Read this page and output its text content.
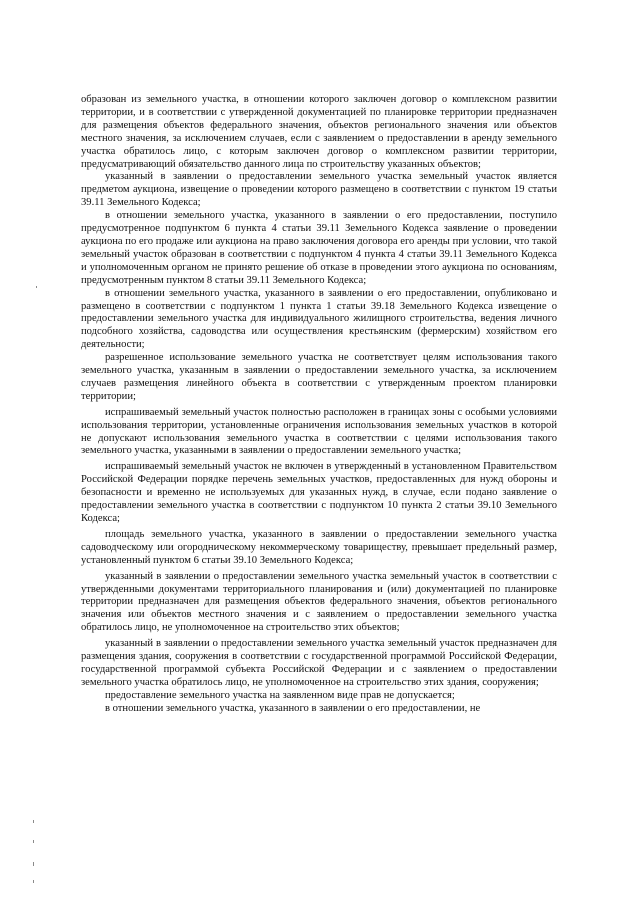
образован из земельного участка, в отношении которого заключен договор о комплексном развитии территории, и в соответствии с утвержденной документацией по планировке территории предназначен для размещения объектов федерального значения, объектов регионального значения или объектов местного значения, за исключением случаев, если с заявлением о предоставлении в аренду земельного участка обратилось лицо, с которым заключен договор о комплексном развитии территории, предусматривающий обязательство данного лица по строительству указанных объектов;

указанный в заявлении о предоставлении земельного участка земельный участок является предметом аукциона, извещение о проведении которого размещено в соответствии с пунктом 19 статьи 39.11 Земельного Кодекса;

в отношении земельного участка, указанного в заявлении о его предоставлении, поступило предусмотренное подпунктом 6 пункта 4 статьи 39.11 Земельного Кодекса заявление о проведении аукциона по его продаже или аукциона на право заключения договора его аренды при условии, что такой земельный участок образован в соответствии с подпунктом 4 пункта 4 статьи 39.11 Земельного Кодекса и уполномоченным органом не принято решение об отказе в проведении этого аукциона по основаниям, предусмотренным пунктом 8 статьи 39.11 Земельного Кодекса;

в отношении земельного участка, указанного в заявлении о его предоставлении, опубликовано и размещено в соответствии с подпунктом 1 пункта 1 статьи 39.18 Земельного Кодекса извещение о предоставлении земельного участка для индивидуального жилищного строительства, ведения личного подсобного хозяйства, садоводства или осуществления крестьянским (фермерским) хозяйством его деятельности;

разрешенное использование земельного участка не соответствует целям использования такого земельного участка, указанным в заявлении о предоставлении земельного участка, за исключением случаев размещения линейного объекта в соответствии с утвержденным проектом планировки территории;

испрашиваемый земельный участок полностью расположен в границах зоны с особыми условиями использования территории, установленные ограничения использования земельных участков в которой не допускают использования земельного участка в соответствии с целями использования такого земельного участка, указанными в заявлении о предоставлении земельного участка;

испрашиваемый земельный участок не включен в утвержденный в установленном Правительством Российской Федерации порядке перечень земельных участков, предоставленных для нужд обороны и безопасности и временно не используемых для указанных нужд, в случае, если подано заявление о предоставлении земельного участка в соответствии с подпунктом 10 пункта 2 статьи 39.10 Земельного Кодекса;

площадь земельного участка, указанного в заявлении о предоставлении земельного участка садоводческому или огородническому некоммерческому товариществу, превышает предельный размер, установленный пунктом 6 статьи 39.10 Земельного Кодекса;

указанный в заявлении о предоставлении земельного участка земельный участок в соответствии с утвержденными документами территориального планирования и (или) документацией по планировке территории предназначен для размещения объектов федерального значения, объектов регионального значения или объектов местного значения и с заявлением о предоставлении земельного участка обратилось лицо, не уполномоченное на строительство этих объектов;

указанный в заявлении о предоставлении земельного участка земельный участок предназначен для размещения здания, сооружения в соответствии с государственной программой Российской Федерации, государственной программой субъекта Российской Федерации и с заявлением о предоставлении земельного участка обратилось лицо, не уполномоченное на строительство этих здания, сооружения;

предоставление земельного участка на заявленном виде прав не допускается;

в отношении земельного участка, указанного в заявлении о его предоставлении, не
